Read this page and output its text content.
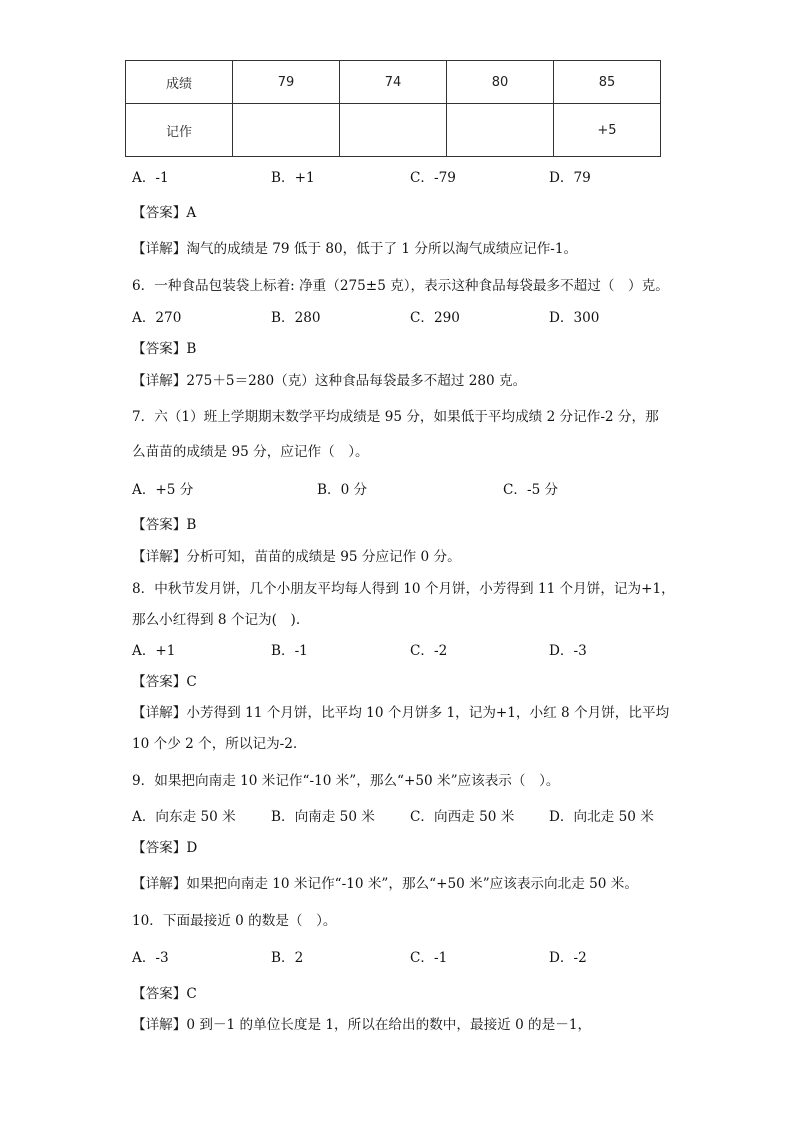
成绩	79	74	80	85
记作				+5
A．-1	B．+1	C．-79	D．79
【答案】A
【详解】淘气的成绩是 79 低于 80，低于了 1 分所以淘气成绩应记作-1。
6．一种食品包装袋上标着: 净重（275±5 克），表示这种食品每袋最多不超过（　）克。
A．270	B．280	C．290	D．300
【答案】B
【详解】275＋5＝280（克）这种食品每袋最多不超过 280 克。
7．六（1）班上学期期末数学平均成绩是 95 分，如果低于平均成绩 2 分记作-2 分，那
么苗苗的成绩是 95 分，应记作（　）。
A．+5 分	B．0 分	C．-5 分
【答案】B
【详解】分析可知，苗苗的成绩是 95 分应记作 0 分。
8．中秋节发月饼，几个小朋友平均每人得到 10 个月饼，小芳得到 11 个月饼，记为+1，
那么小红得到 8 个记为(　).
A．+1	B．-1	C．-2	D．-3
【答案】C
【详解】小芳得到 11 个月饼，比平均 10 个月饼多 1，记为+1，小红 8 个月饼，比平均
10 个少 2 个，所以记为-2.
9．如果把向南走 10 米记作“-10 米”，那么“+50 米”应该表示（　）。
A．向东走 50 米	B．向南走 50 米	C．向西走 50 米	D．向北走 50 米
【答案】D
【详解】如果把向南走 10 米记作“-10 米”，那么“+50 米”应该表示向北走 50 米。
10．下面最接近 0 的数是（　）。
A．-3	B．2	C．-1	D．-2
【答案】C
【详解】0 到－1 的单位长度是 1，所以在给出的数中，最接近 0 的是－1，
